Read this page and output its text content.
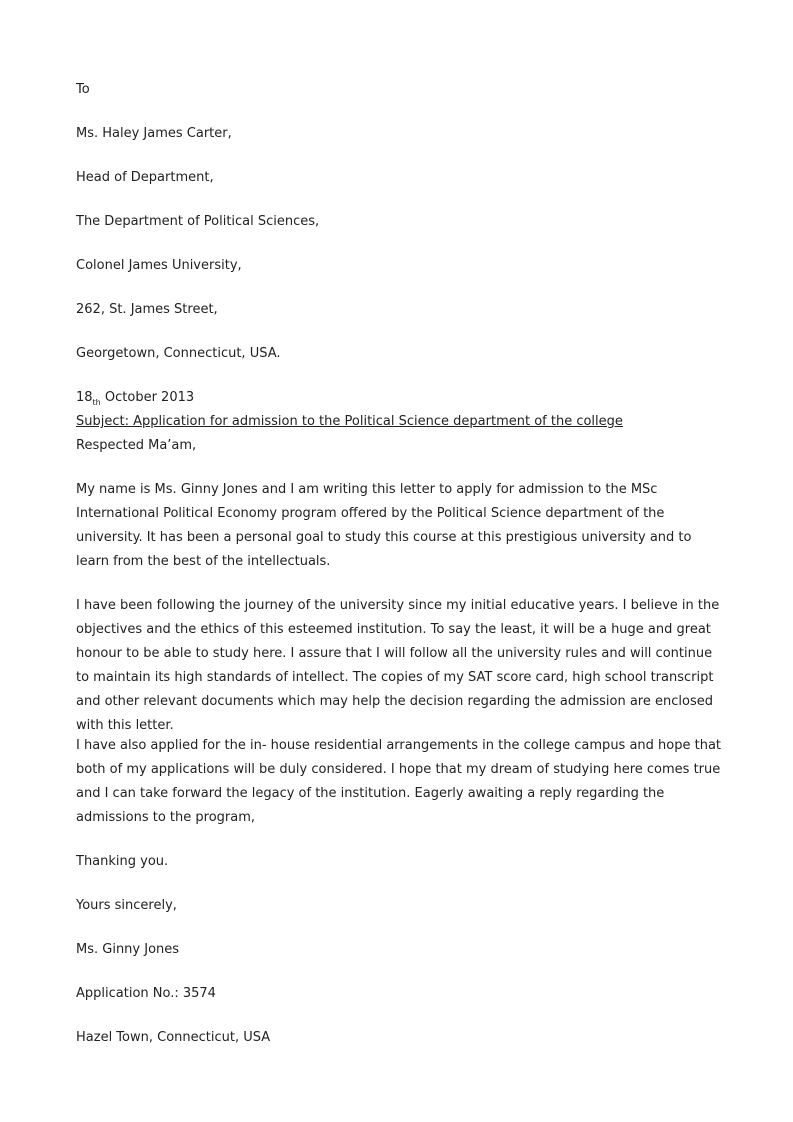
To
Ms. Haley James Carter,
Head of Department,
The Department of Political Sciences,
Colonel James University,
262, St. James Street,
Georgetown, Connecticut, USA.
$18_{th}$ October 2013
Subject: Application for admission to the Political Science department of the college
Respected Ma’am,

My name is Ms. Ginny Jones and I am writing this letter to apply for admission to the MSc International Political Economy program offered by the Political Science department of the university. It has been a personal goal to study this course at this prestigious university and to learn from the best of the intellectuals.

I have been following the journey of the university since my initial educative years. I believe in the objectives and the ethics of this esteemed institution. To say the least, it will be a huge and great honour to be able to study here. I assure that I will follow all the university rules and will continue to maintain its high standards of intellect. The copies of my SAT score card, high school transcript and other relevant documents which may help the decision regarding the admission are enclosed with this letter.

I have also applied for the in- house residential arrangements in the college campus and hope that both of my applications will be duly considered. I hope that my dream of studying here comes true and I can take forward the legacy of the institution. Eagerly awaiting a reply regarding the admissions to the program,

Thanking you.
Yours sincerely,
Ms. Ginny Jones
Application No.: 3574
Hazel Town, Connecticut, USA
